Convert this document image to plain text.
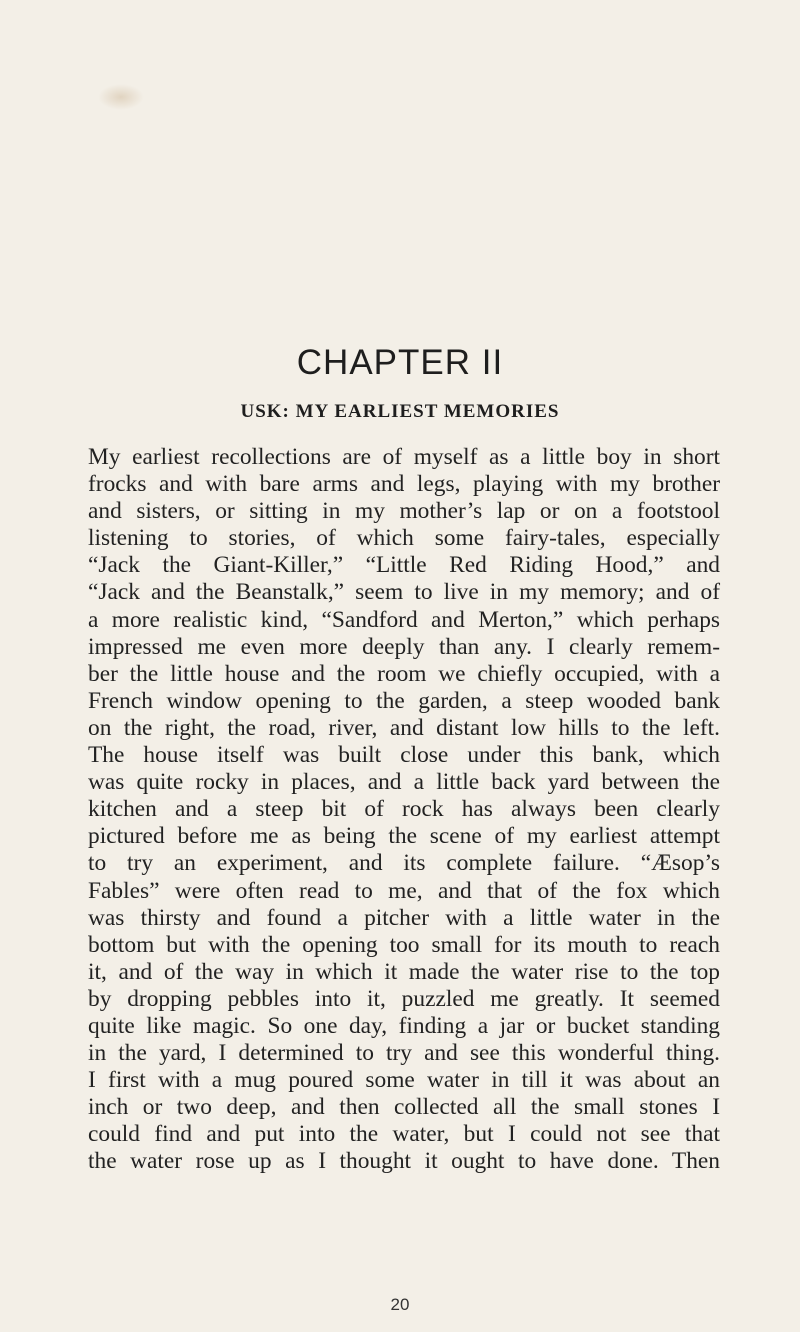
CHAPTER II
USK: MY EARLIEST MEMORIES
My earliest recollections are of myself as a little boy in short
frocks and with bare arms and legs, playing with my brother
and sisters, or sitting in my mother’s lap or on a footstool
listening to stories, of which some fairy-tales, especially
“Jack the Giant-Killer,” “Little Red Riding Hood,” and
“Jack and the Beanstalk,” seem to live in my memory; and of
a more realistic kind, “Sandford and Merton,” which perhaps
impressed me even more deeply than any. I clearly remem-
ber the little house and the room we chiefly occupied, with a
French window opening to the garden, a steep wooded bank
on the right, the road, river, and distant low hills to the left.
The house itself was built close under this bank, which
was quite rocky in places, and a little back yard between the
kitchen and a steep bit of rock has always been clearly
pictured before me as being the scene of my earliest attempt
to try an experiment, and its complete failure. “Æsop’s
Fables” were often read to me, and that of the fox which
was thirsty and found a pitcher with a little water in the
bottom but with the opening too small for its mouth to reach
it, and of the way in which it made the water rise to the top
by dropping pebbles into it, puzzled me greatly. It seemed
quite like magic. So one day, finding a jar or bucket standing
in the yard, I determined to try and see this wonderful thing.
I first with a mug poured some water in till it was about an
inch or two deep, and then collected all the small stones I
could find and put into the water, but I could not see that
the water rose up as I thought it ought to have done. Then
20
